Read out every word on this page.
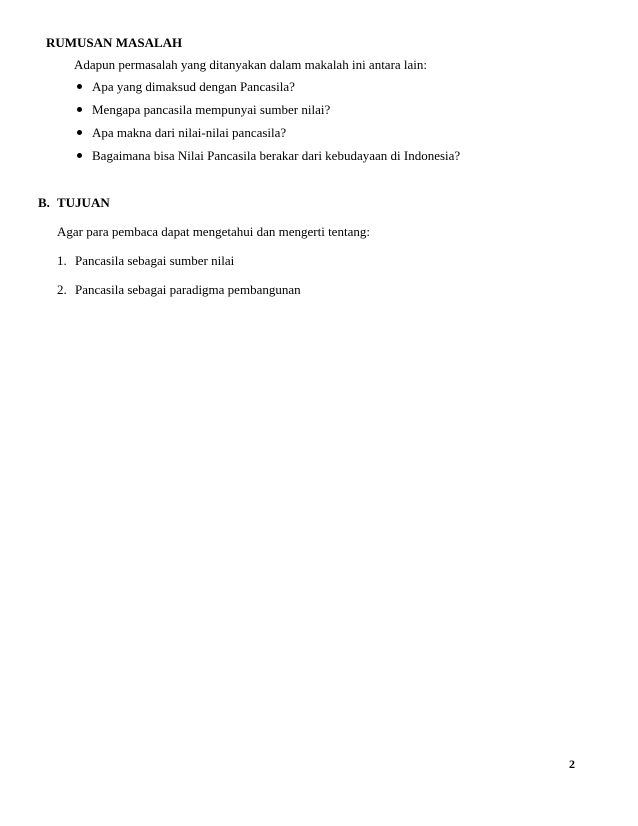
RUMUSAN MASALAH
Adapun permasalah yang ditanyakan dalam makalah ini antara lain:
Apa yang dimaksud dengan Pancasila?
Mengapa pancasila mempunyai sumber nilai?
Apa makna dari nilai-nilai pancasila?
Bagaimana bisa Nilai Pancasila berakar dari kebudayaan di Indonesia?
B. TUJUAN
Agar para pembaca dapat mengetahui dan mengerti tentang:
1. Pancasila sebagai sumber nilai
2. Pancasila sebagai paradigma pembangunan
2
